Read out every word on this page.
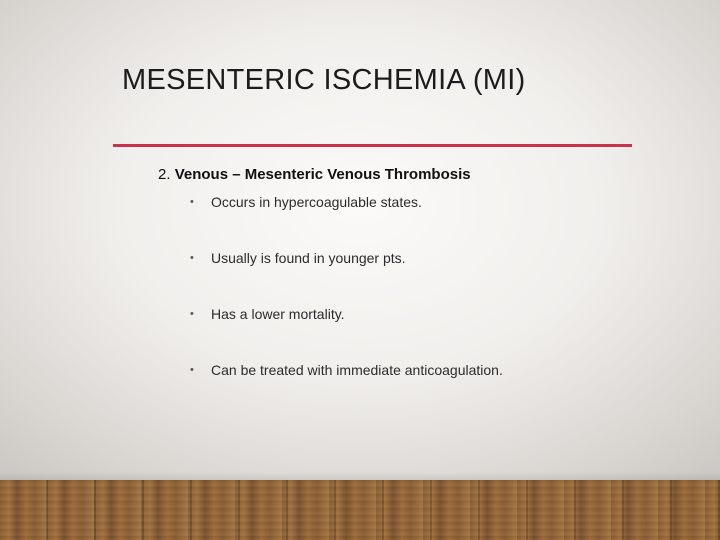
MESENTERIC ISCHEMIA (MI)

2. Venous – Mesenteric Venous Thrombosis

•	Occurs in hypercoagulable states.
•	Usually is found in younger pts.
•	Has a lower mortality.
•	Can be treated with immediate anticoagulation.
